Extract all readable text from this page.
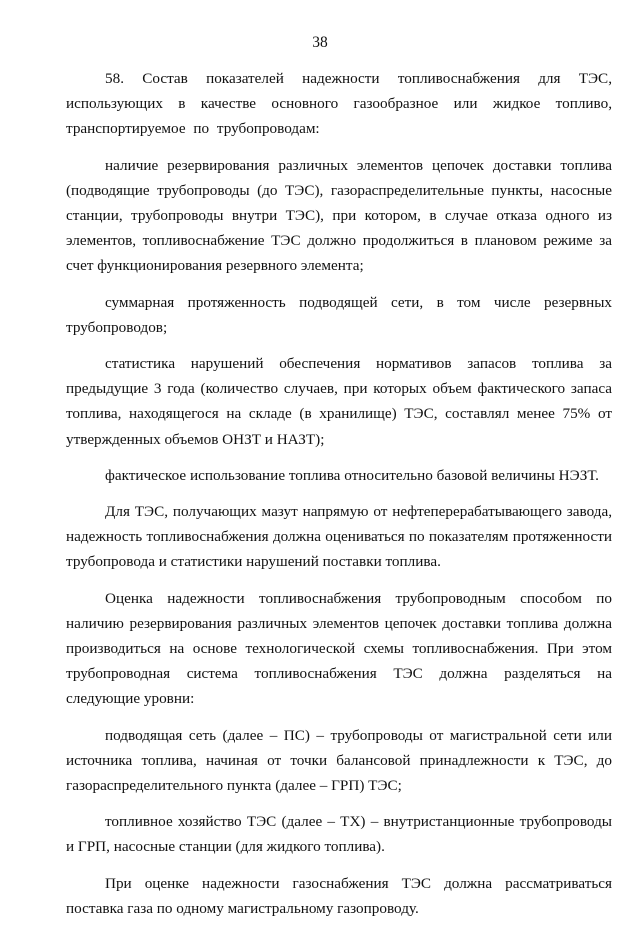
38

58. Состав показателей надежности топливоснабжения для ТЭС, использующих в качестве основного газообразное или жидкое топливо, транспортируемое по трубопроводам:

наличие резервирования различных элементов цепочек доставки топлива (подводящие трубопроводы (до ТЭС), газораспределительные пункты, насосные станции, трубопроводы внутри ТЭС), при котором, в случае отказа одного из элементов, топливоснабжение ТЭС должно продолжиться в плановом режиме за счет функционирования резервного элемента;

суммарная протяженность подводящей сети, в том числе резервных трубопроводов;

статистика нарушений обеспечения нормативов запасов топлива за предыдущие 3 года (количество случаев, при которых объем фактического запаса топлива, находящегося на складе (в хранилище) ТЭС, составлял менее 75% от утвержденных объемов ОНЗТ и НАЗТ);

фактическое использование топлива относительно базовой величины НЭЗТ.

Для ТЭС, получающих мазут напрямую от нефтеперерабатывающего завода, надежность топливоснабжения должна оцениваться по показателям протяженности трубопровода и статистики нарушений поставки топлива.

Оценка надежности топливоснабжения трубопроводным способом по наличию резервирования различных элементов цепочек доставки топлива должна производиться на основе технологической схемы топливоснабжения. При этом трубопроводная система топливоснабжения ТЭС должна разделяться на следующие уровни:

подводящая сеть (далее – ПС) – трубопроводы от магистральной сети или источника топлива, начиная от точки балансовой принадлежности к ТЭС, до газораспределительного пункта (далее – ГРП) ТЭС;

топливное хозяйство ТЭС (далее – ТХ) – внутристанционные трубопроводы и ГРП, насосные станции (для жидкого топлива).

При оценке надежности газоснабжения ТЭС должна рассматриваться поставка газа по одному магистральному газопроводу.
